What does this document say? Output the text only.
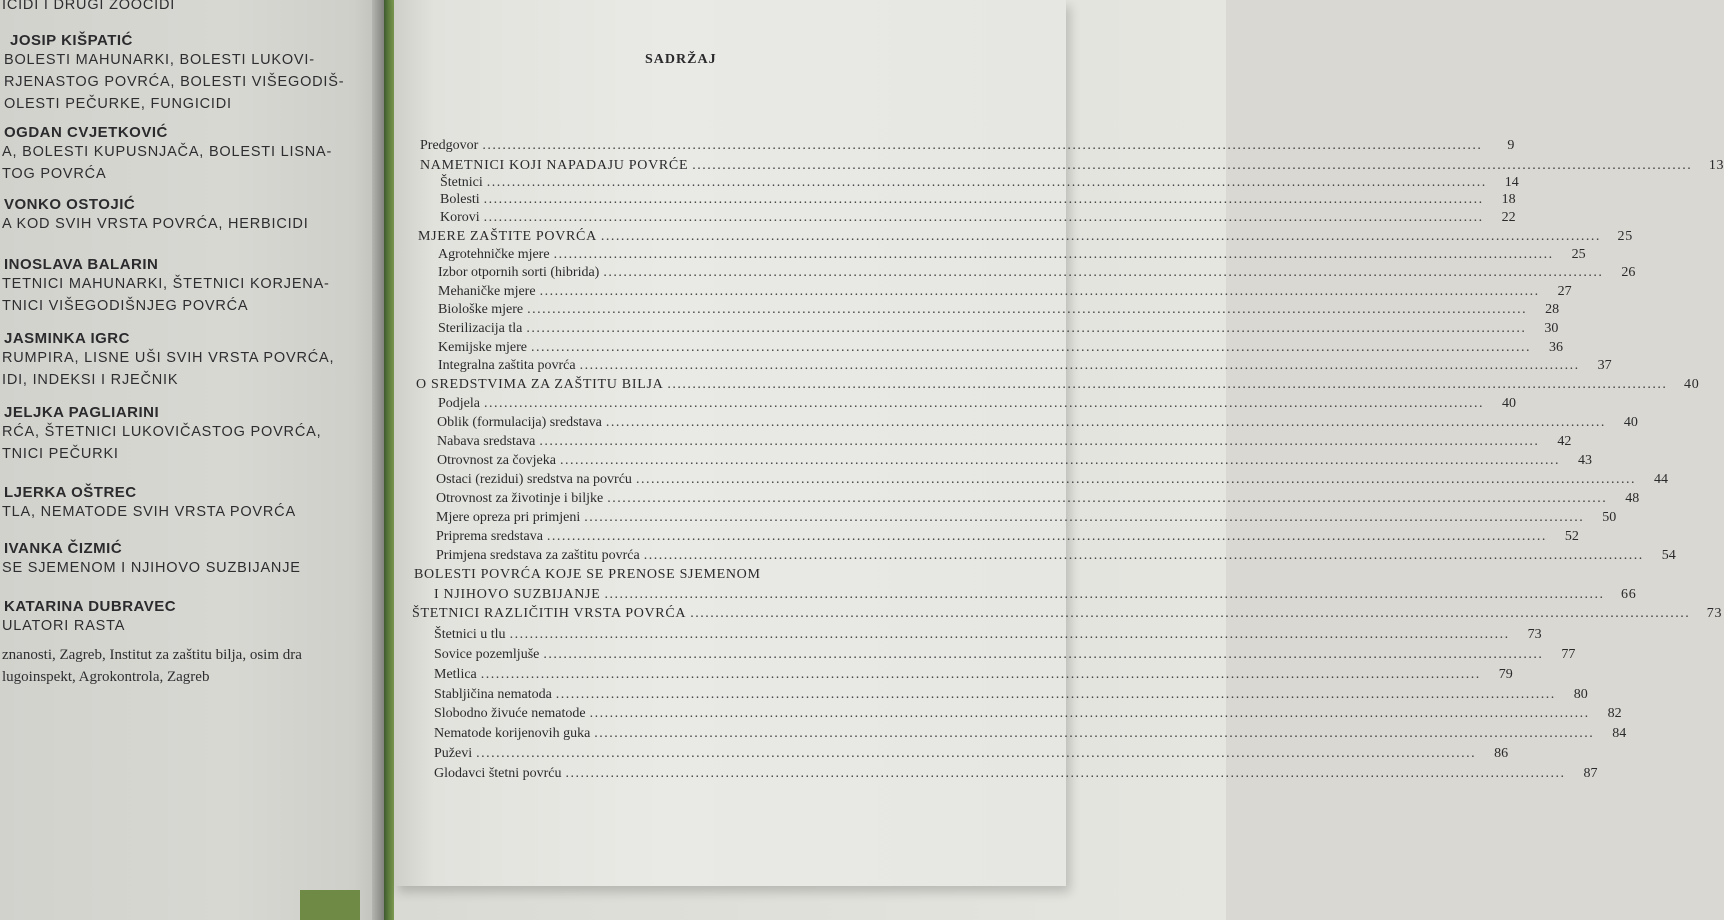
ICIDI I DRUGI ZOOCIDI
JOSIP KIŠPATIĆ
BOLESTI MAHUNARKI, BOLESTI LUKOVI-
RJENASTOG POVRĆA, BOLESTI VIŠEGODIŠ-
OLESTI PEČURKE, FUNGICIDI
OGDAN CVJETKOVIĆ
A, BOLESTI KUPUSNJAČA, BOLESTI LISNA-
TOG POVRĆA
VONKO OSTOJIĆ
A KOD SVIH VRSTA POVRĆA, HERBICIDI
INOSLAVA BALARIN
TETNICI MAHUNARKI, ŠTETNICI KORJENA-
TNICI VIŠEGODIŠNJEG POVRĆA
JASMINKA IGRC
RUMPIRA, LISNE UŠI SVIH VRSTA POVRĆA,
IDI, INDEKSI I RJEČNIK
JELJKA PAGLIARINI
RĆA, ŠTETNICI LUKOVIČASTOG POVRĆA,
TNICI PEČURKI
LJERKA OŠTREC
TLA, NEMATODE SVIH VRSTA POVRĆA
IVANKA ČIZMIĆ
SE SJEMENOM I NJIHOVO SUZBIJANJE
KATARINA DUBRAVEC
ULATORI RASTA
znanosti, Zagreb, Institut za zaštitu bilja, osim dra
lugoinspekt, Agrokontrola, Zagreb
SADRŽAJ
Predgovor ........................................................................................................................................................................................................	9
NAMETNICI KOJI NAPADAJU POVRĆE ........................................................................................................................................................................................................	13
Štetnici ........................................................................................................................................................................................................	14
Bolesti ........................................................................................................................................................................................................	18
Korovi ........................................................................................................................................................................................................	22
MJERE ZAŠTITE POVRĆA ........................................................................................................................................................................................................	25
Agrotehničke mjere ........................................................................................................................................................................................................	25
Izbor otpornih sorti (hibrida) ........................................................................................................................................................................................................	26
Mehaničke mjere ........................................................................................................................................................................................................	27
Biološke mjere ........................................................................................................................................................................................................	28
Sterilizacija tla ........................................................................................................................................................................................................	30
Kemijske mjere ........................................................................................................................................................................................................	36
Integralna zaštita povrća ........................................................................................................................................................................................................	37
O SREDSTVIMA ZA ZAŠTITU BILJA ........................................................................................................................................................................................................	40
Podjela ........................................................................................................................................................................................................	40
Oblik (formulacija) sredstava ........................................................................................................................................................................................................	40
Nabava sredstava ........................................................................................................................................................................................................	42
Otrovnost za čovjeka ........................................................................................................................................................................................................	43
Ostaci (rezidui) sredstva na povrću ........................................................................................................................................................................................................	44
Otrovnost za životinje i biljke ........................................................................................................................................................................................................	48
Mjere opreza pri primjeni ........................................................................................................................................................................................................	50
Priprema sredstava ........................................................................................................................................................................................................	52
Primjena sredstava za zaštitu povrća ........................................................................................................................................................................................................	54
BOLESTI POVRĆA KOJE SE PRENOSE SJEMENOM
I NJIHOVO SUZBIJANJE ........................................................................................................................................................................................................	66
ŠTETNICI RAZLIČITIH VRSTA POVRĆA ........................................................................................................................................................................................................	73
Štetnici u tlu ........................................................................................................................................................................................................	73
Sovice pozemljuše ........................................................................................................................................................................................................	77
Metlica ........................................................................................................................................................................................................	79
Stabljičina nematoda ........................................................................................................................................................................................................	80
Slobodno živuće nematode ........................................................................................................................................................................................................	82
Nematode korijenovih guka ........................................................................................................................................................................................................	84
Puževi ........................................................................................................................................................................................................	86
Glodavci štetni povrću ........................................................................................................................................................................................................	87
